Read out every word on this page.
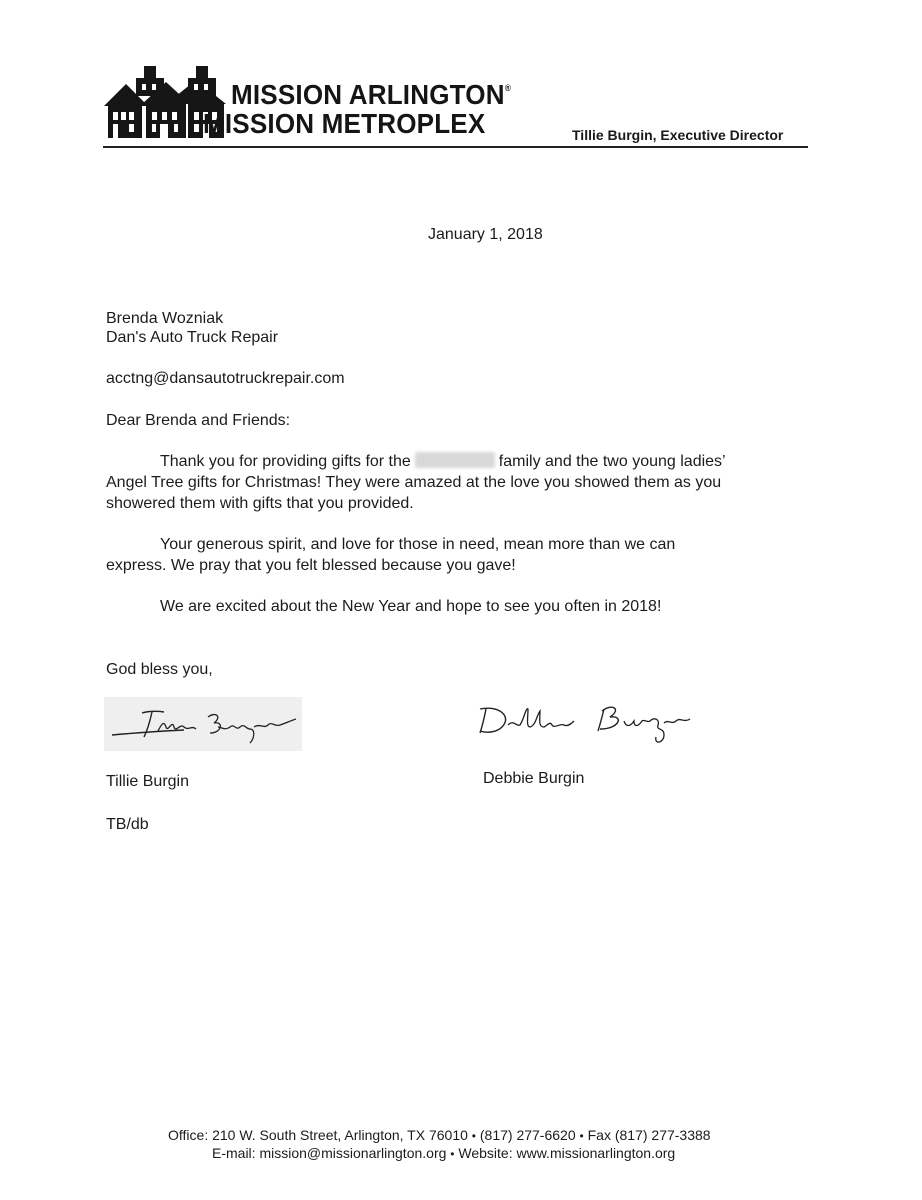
MISSION ARLINGTON®
MISSION METROPLEX	Tillie Burgin, Executive Director
January 1, 2018
Brenda Wozniak
Dan's Auto Truck Repair
acctng@dansautotruckrepair.com
Dear Brenda and Friends:
Thank you for providing gifts for the	family and the two young ladies’
Angel Tree gifts for Christmas! They were amazed at the love you showed them as you
showered them with gifts that you provided.
Your generous spirit, and love for those in need, mean more than we can
express. We pray that you felt blessed because you gave!
We are excited about the New Year and hope to see you often in 2018!
God bless you,
Tillie Burgin	Debbie Burgin
TB/db
Office: 210 W. South Street, Arlington, TX 76010 • (817) 277-6620 • Fax (817) 277-3388
E-mail: mission@missionarlington.org • Website: www.missionarlington.org
